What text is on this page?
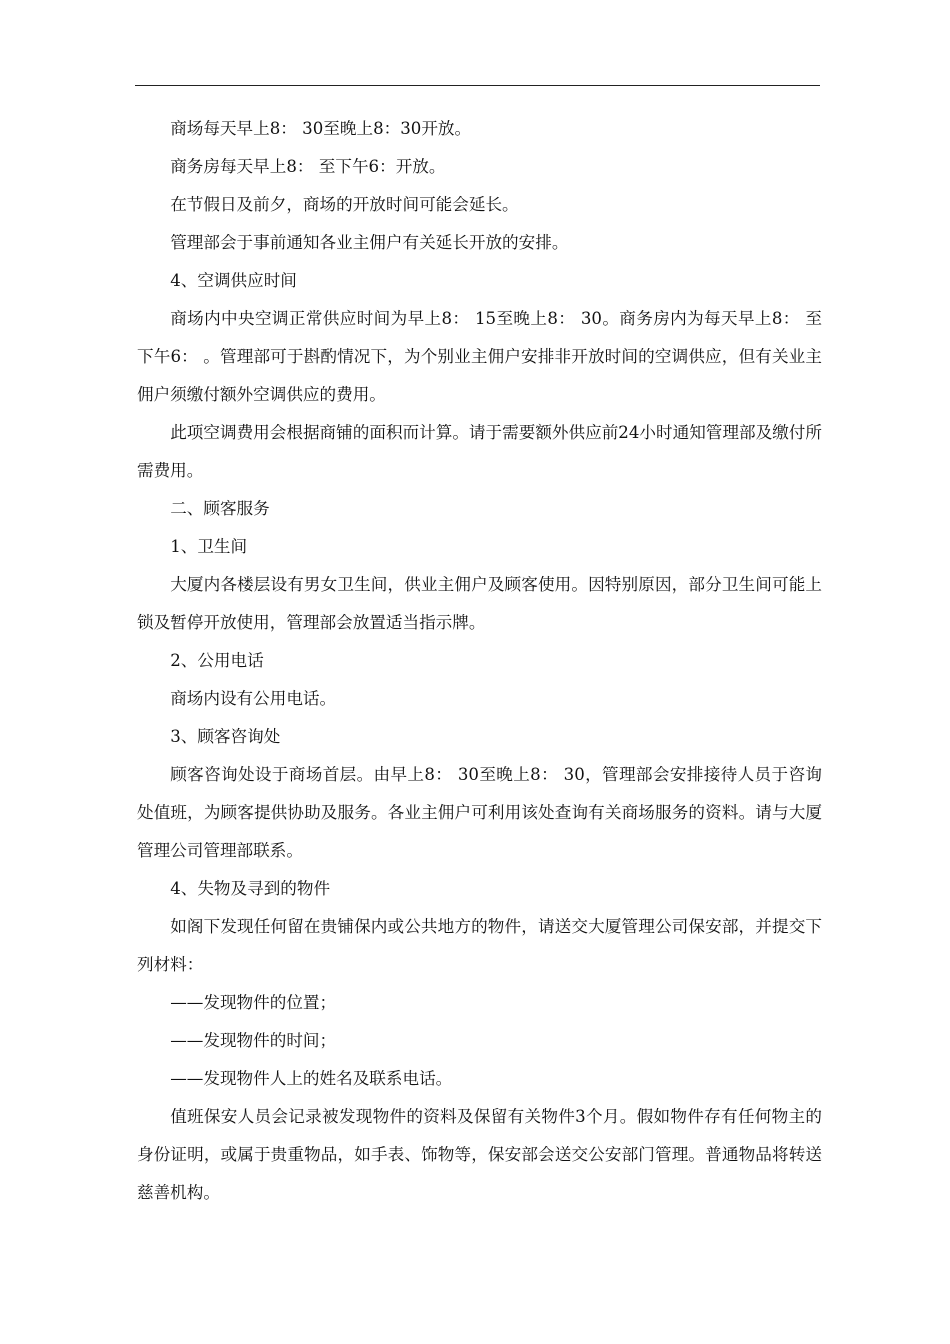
商场每天早上8： 30至晚上8：30开放。

商务房每天早上8： 至下午6：开放。

在节假日及前夕，商场的开放时间可能会延长。

管理部会于事前通知各业主佣户有关延长开放的安排。

4、空调供应时间

商场内中央空调正常供应时间为早上8： 15至晚上8： 30。商务房内为每天早上8： 至下午6： 。管理部可于斟酌情况下，为个别业主佣户安排非开放时间的空调供应，但有关业主佣户须缴付额外空调供应的费用。

此项空调费用会根据商铺的面积而计算。请于需要额外供应前24小时通知管理部及缴付所需费用。

二、顾客服务

1、卫生间

大厦内各楼层设有男女卫生间，供业主佣户及顾客使用。因特别原因，部分卫生间可能上锁及暂停开放使用，管理部会放置适当指示牌。

2、公用电话

商场内设有公用电话。

3、顾客咨询处

顾客咨询处设于商场首层。由早上8： 30至晚上8： 30，管理部会安排接待人员于咨询处值班，为顾客提供协助及服务。各业主佣户可利用该处查询有关商场服务的资料。请与大厦管理公司管理部联系。

4、失物及寻到的物件

如阁下发现任何留在贵铺保内或公共地方的物件，请送交大厦管理公司保安部，并提交下列材料：

——发现物件的位置；

——发现物件的时间；

——发现物件人上的姓名及联系电话。

值班保安人员会记录被发现物件的资料及保留有关物件3个月。假如物件存有任何物主的身份证明，或属于贵重物品，如手表、饰物等，保安部会送交公安部门管理。普通物品将转送慈善机构。
